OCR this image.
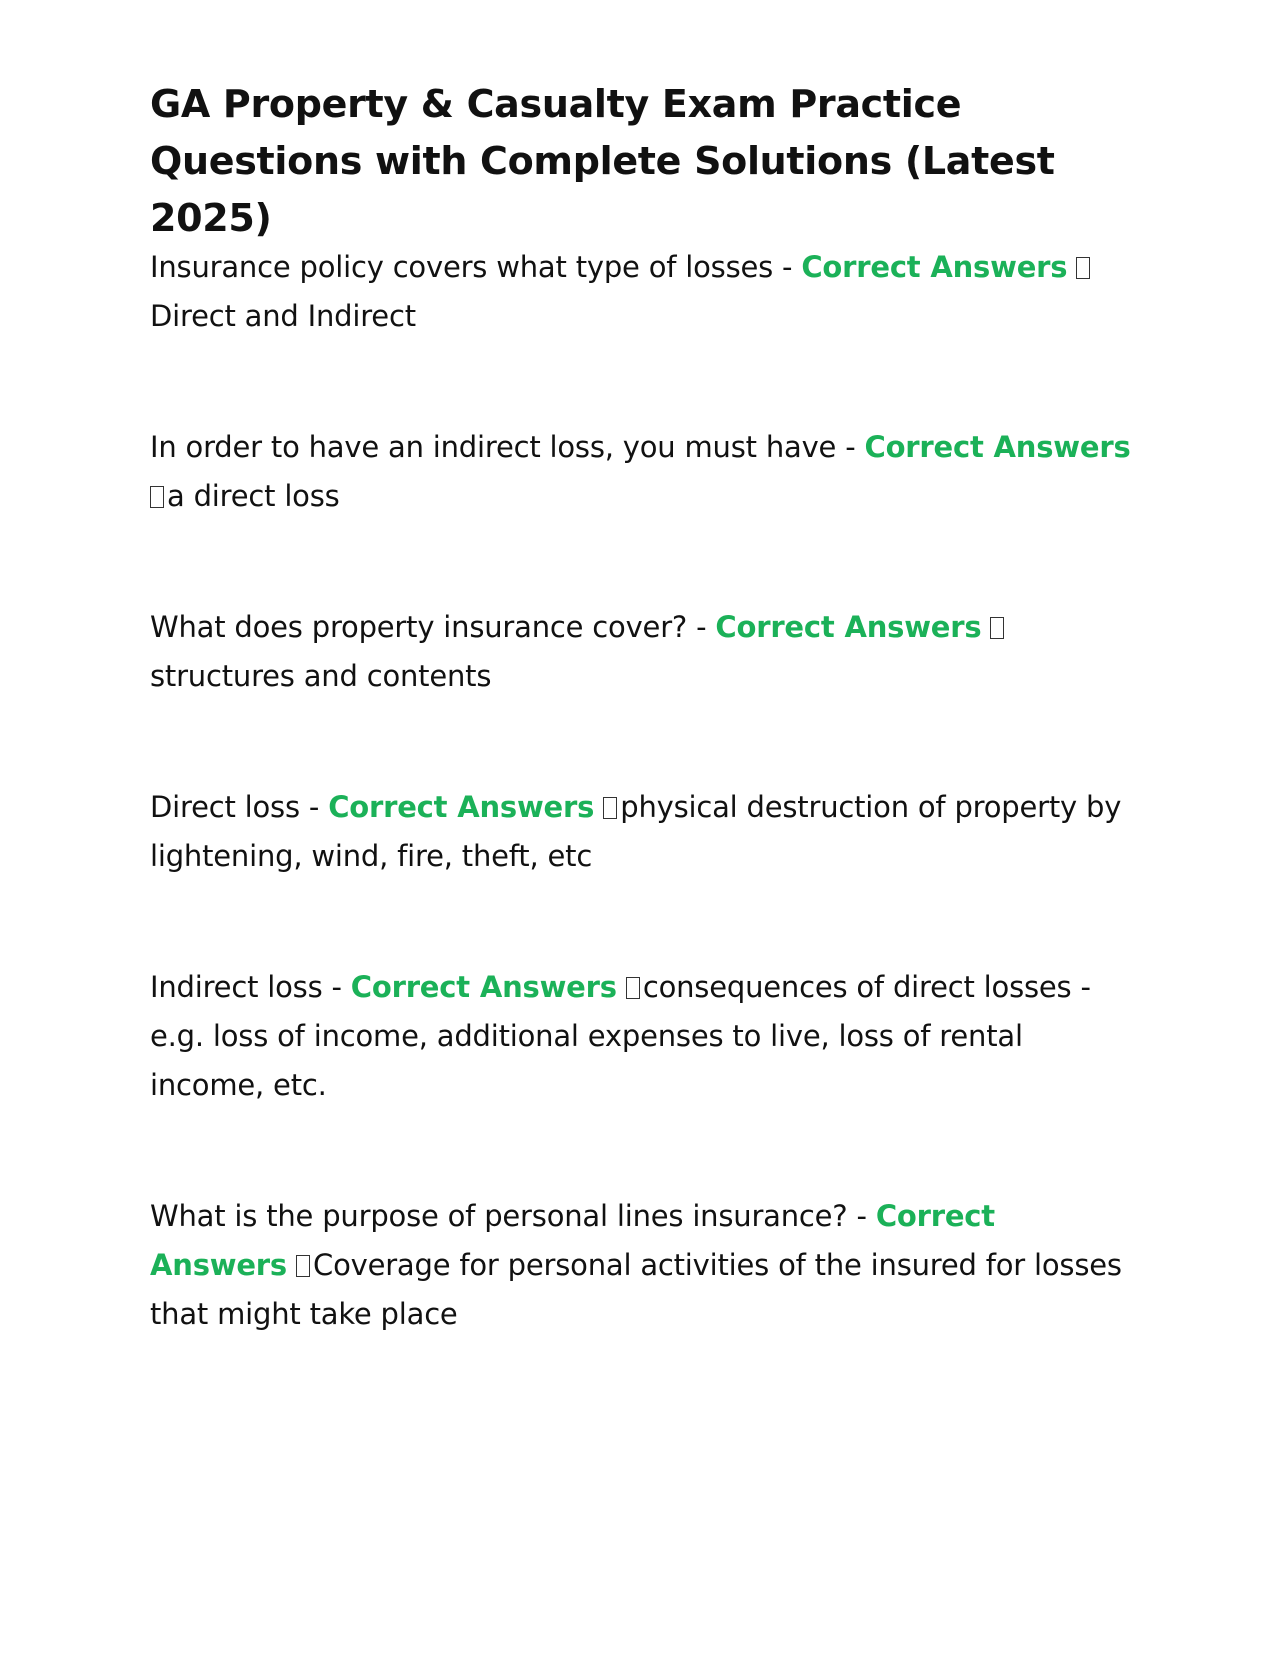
GA Property & Casualty Exam Practice Questions with Complete Solutions (Latest 2025)

Insurance policy covers what type of losses - Correct Answers Direct and Indirect

In order to have an indirect loss, you must have - Correct Answers a direct loss

What does property insurance cover? - Correct Answers structures and contents

Direct loss - Correct Answers physical destruction of property by lightening, wind, fire, theft, etc

Indirect loss - Correct Answers consequences of direct losses - e.g. loss of income, additional expenses to live, loss of rental income, etc.

What is the purpose of personal lines insurance? - Correct Answers Coverage for personal activities of the insured for losses that might take place
